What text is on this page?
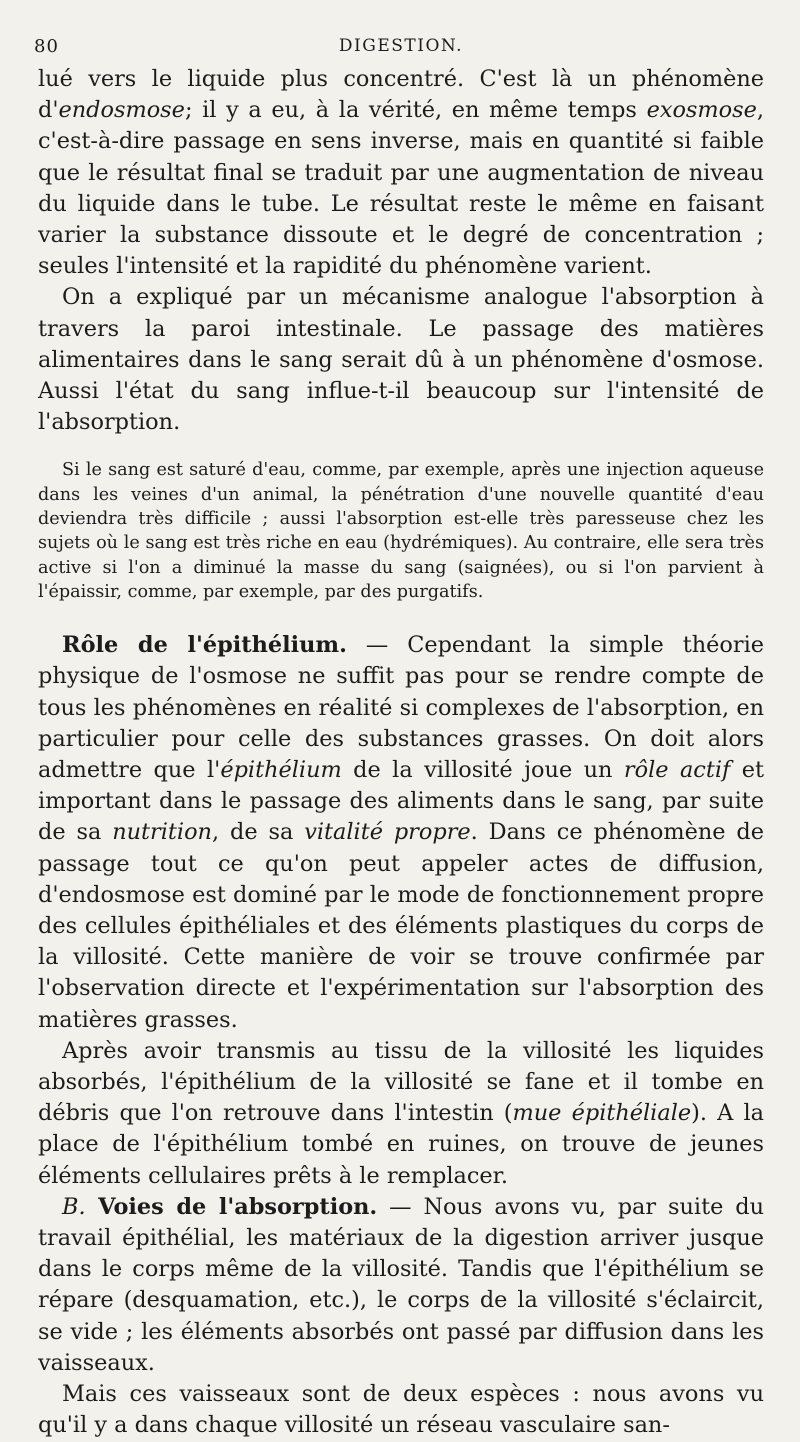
80	DIGESTION.

lué vers le liquide plus concentré. C'est là un phénomène d'endosmose; il y a eu, à la vérité, en même temps exosmose, c'est-à-dire passage en sens inverse, mais en quantité si faible que le résultat final se traduit par une augmentation de niveau du liquide dans le tube. Le résultat reste le même en faisant varier la substance dissoute et le degré de concentration ; seules l'intensité et la rapidité du phénomène varient.

On a expliqué par un mécanisme analogue l'absorption à travers la paroi intestinale. Le passage des matières alimentaires dans le sang serait dû à un phénomène d'osmose. Aussi l'état du sang influe-t-il beaucoup sur l'intensité de l'absorption.

Si le sang est saturé d'eau, comme, par exemple, après une injection aqueuse dans les veines d'un animal, la pénétration d'une nouvelle quantité d'eau deviendra très difficile ; aussi l'absorption est-elle très paresseuse chez les sujets où le sang est très riche en eau (hydrémiques). Au contraire, elle sera très active si l'on a diminué la masse du sang (saignées), ou si l'on parvient à l'épaissir, comme, par exemple, par des purgatifs.

Rôle de l'épithélium. — Cependant la simple théorie physique de l'osmose ne suffit pas pour se rendre compte de tous les phénomènes en réalité si complexes de l'absorption, en particulier pour celle des substances grasses. On doit alors admettre que l'épithélium de la villosité joue un rôle actif et important dans le passage des aliments dans le sang, par suite de sa nutrition, de sa vitalité propre. Dans ce phénomène de passage tout ce qu'on peut appeler actes de diffusion, d'endosmose est dominé par le mode de fonctionnement propre des cellules épithéliales et des éléments plastiques du corps de la villosité. Cette manière de voir se trouve confirmée par l'observation directe et l'expérimentation sur l'absorption des matières grasses.

Après avoir transmis au tissu de la villosité les liquides absorbés, l'épithélium de la villosité se fane et il tombe en débris que l'on retrouve dans l'intestin (mue épithéliale). A la place de l'épithélium tombé en ruines, on trouve de jeunes éléments cellulaires prêts à le remplacer.

B. Voies de l'absorption. — Nous avons vu, par suite du travail épithélial, les matériaux de la digestion arriver jusque dans le corps même de la villosité. Tandis que l'épithélium se répare (desquamation, etc.), le corps de la villosité s'éclaircit, se vide ; les éléments absorbés ont passé par diffusion dans les vaisseaux.

Mais ces vaisseaux sont de deux espèces : nous avons vu qu'il y a dans chaque villosité un réseau vasculaire san-
